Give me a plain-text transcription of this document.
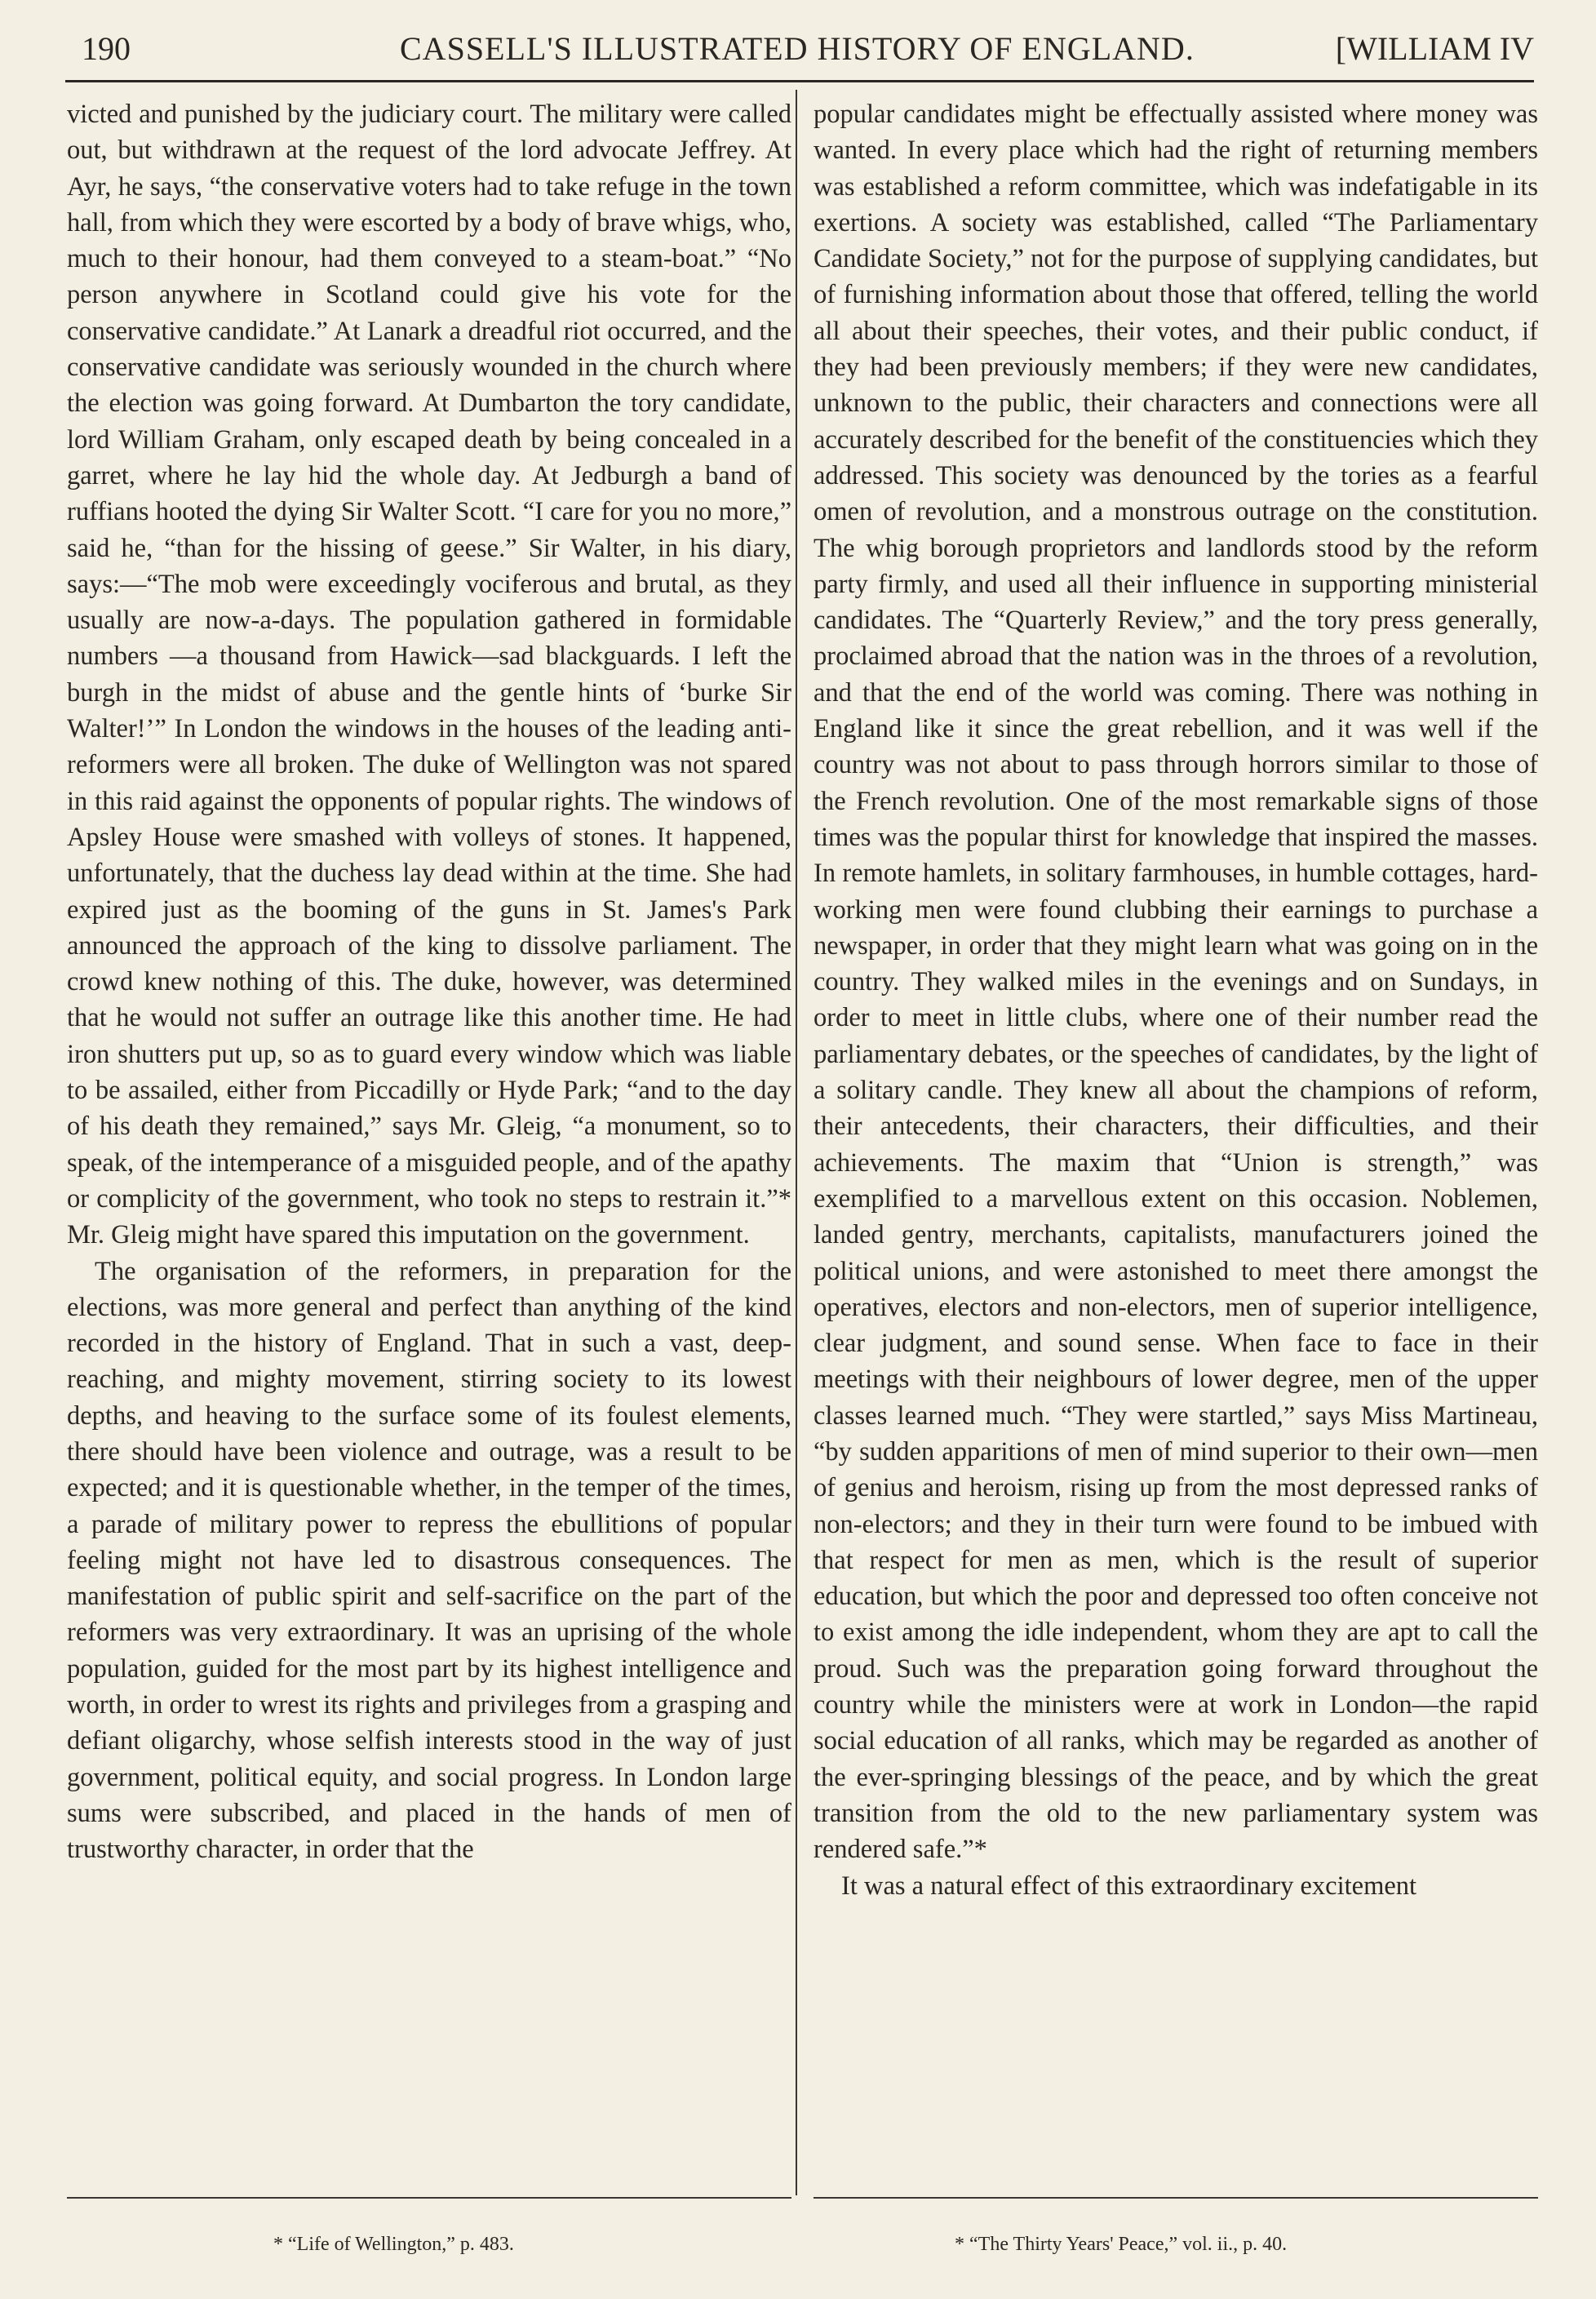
190	CASSELL'S ILLUSTRATED HISTORY OF ENGLAND.	[WILLIAM IV

victed and punished by the judiciary court. The military were called out, but withdrawn at the request of the lord advocate Jeffrey. At Ayr, he says, “the conservative voters had to take refuge in the town hall, from which they were escorted by a body of brave whigs, who, much to their honour, had them conveyed to a steam-boat.” “No person anywhere in Scotland could give his vote for the conservative candidate.” At Lanark a dreadful riot occurred, and the conservative candidate was seriously wounded in the church where the election was going forward. At Dumbarton the tory candidate, lord William Graham, only escaped death by being concealed in a garret, where he lay hid the whole day. At Jedburgh a band of ruffians hooted the dying Sir Walter Scott. “I care for you no more,” said he, “than for the hissing of geese.” Sir Walter, in his diary, says:—“The mob were exceedingly vociferous and brutal, as they usually are now-a-days. The population gathered in formidable numbers —a thousand from Hawick—sad blackguards. I left the burgh in the midst of abuse and the gentle hints of ‘burke Sir Walter!’” In London the windows in the houses of the leading anti-reformers were all broken. The duke of Wellington was not spared in this raid against the opponents of popular rights. The windows of Apsley House were smashed with volleys of stones. It happened, unfortunately, that the duchess lay dead within at the time. She had expired just as the booming of the guns in St. James's Park announced the approach of the king to dissolve parliament. The crowd knew nothing of this. The duke, however, was determined that he would not suffer an outrage like this another time. He had iron shutters put up, so as to guard every window which was liable to be assailed, either from Piccadilly or Hyde Park; “and to the day of his death they remained,” says Mr. Gleig, “a monument, so to speak, of the intemperance of a misguided people, and of the apathy or complicity of the government, who took no steps to restrain it.”* Mr. Gleig might have spared this imputation on the government.

The organisation of the reformers, in preparation for the elections, was more general and perfect than anything of the kind recorded in the history of England. That in such a vast, deep-reaching, and mighty movement, stirring society to its lowest depths, and heaving to the surface some of its foulest elements, there should have been violence and outrage, was a result to be expected; and it is questionable whether, in the temper of the times, a parade of military power to repress the ebullitions of popular feeling might not have led to disastrous consequences. The manifestation of public spirit and self-sacrifice on the part of the reformers was very extraordinary. It was an uprising of the whole population, guided for the most part by its highest intelligence and worth, in order to wrest its rights and privileges from a grasping and defiant oligarchy, whose selfish interests stood in the way of just government, political equity, and social progress. In London large sums were subscribed, and placed in the hands of men of trustworthy character, in order that the

popular candidates might be effectually assisted where money was wanted. In every place which had the right of returning members was established a reform committee, which was indefatigable in its exertions. A society was established, called “The Parliamentary Candidate Society,” not for the purpose of supplying candidates, but of furnishing information about those that offered, telling the world all about their speeches, their votes, and their public conduct, if they had been previously members; if they were new candidates, unknown to the public, their characters and connections were all accurately described for the benefit of the constituencies which they addressed. This society was denounced by the tories as a fearful omen of revolution, and a monstrous outrage on the constitution. The whig borough proprietors and landlords stood by the reform party firmly, and used all their influence in supporting ministerial candidates. The “Quarterly Review,” and the tory press generally, proclaimed abroad that the nation was in the throes of a revolution, and that the end of the world was coming. There was nothing in England like it since the great rebellion, and it was well if the country was not about to pass through horrors similar to those of the French revolution. One of the most remarkable signs of those times was the popular thirst for knowledge that inspired the masses. In remote hamlets, in solitary farmhouses, in humble cottages, hard-working men were found clubbing their earnings to purchase a newspaper, in order that they might learn what was going on in the country. They walked miles in the evenings and on Sundays, in order to meet in little clubs, where one of their number read the parliamentary debates, or the speeches of candidates, by the light of a solitary candle. They knew all about the champions of reform, their antecedents, their characters, their difficulties, and their achievements. The maxim that “Union is strength,” was exemplified to a marvellous extent on this occasion. Noblemen, landed gentry, merchants, capitalists, manufacturers joined the political unions, and were astonished to meet there amongst the operatives, electors and non-electors, men of superior intelligence, clear judgment, and sound sense. When face to face in their meetings with their neighbours of lower degree, men of the upper classes learned much. “They were startled,” says Miss Martineau, “by sudden apparitions of men of mind superior to their own—men of genius and heroism, rising up from the most depressed ranks of non-electors; and they in their turn were found to be imbued with that respect for men as men, which is the result of superior education, but which the poor and depressed too often conceive not to exist among the idle independent, whom they are apt to call the proud. Such was the preparation going forward throughout the country while the ministers were at work in London—the rapid social education of all ranks, which may be regarded as another of the ever-springing blessings of the peace, and by which the great transition from the old to the new parliamentary system was rendered safe.”*

It was a natural effect of this extraordinary excitement

* “Life of Wellington,” p. 483.	* “The Thirty Years' Peace,” vol. ii., p. 40.
